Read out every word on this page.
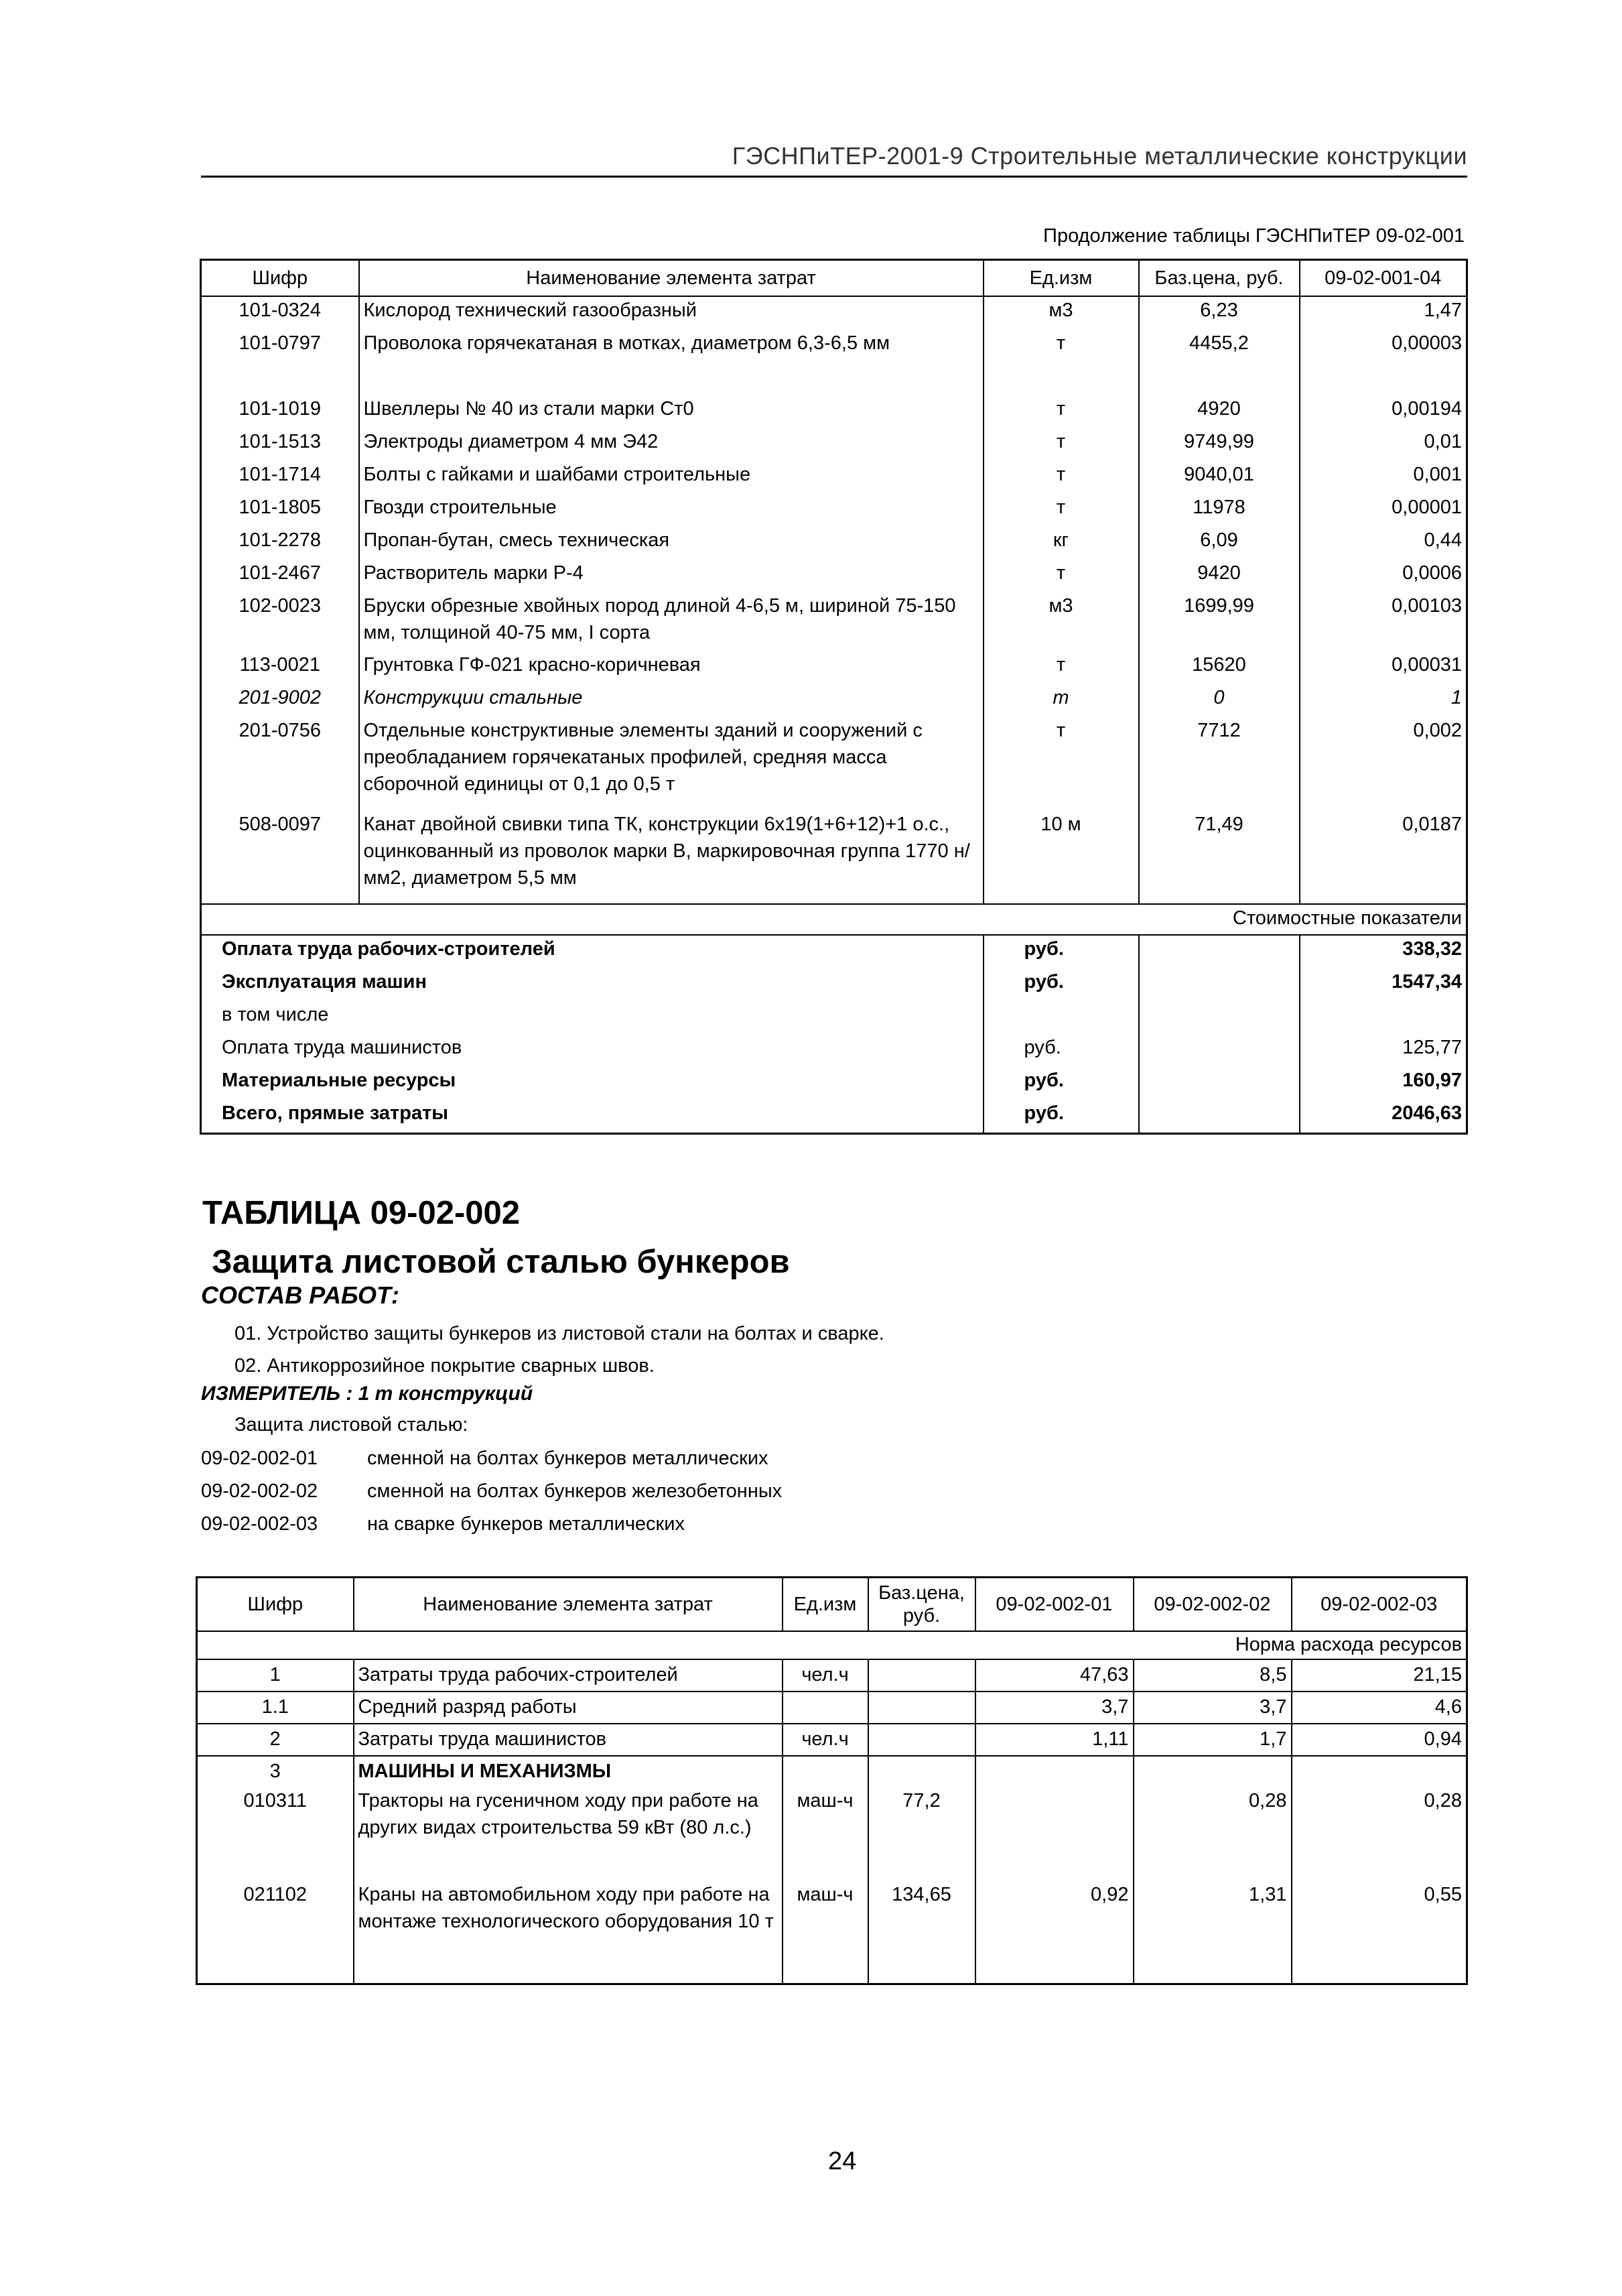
ГЭСНПиТЕР-2001-9 Строительные металлические конструкции
Продолжение таблицы ГЭСНПиТЕР 09-02-001
Шифр	Наименование элемента затрат	Ед.изм	Баз.цена, руб.	09-02-001-04
101-0324	Кислород технический газообразный	м3	6,23	1,47
101-0797	Проволока горячекатаная в мотках, диаметром 6,3-6,5 мм	т	4455,2	0,00003
101-1019	Швеллеры № 40 из стали марки Ст0	т	4920	0,00194
101-1513	Электроды диаметром 4 мм Э42	т	9749,99	0,01
101-1714	Болты с гайками и шайбами строительные	т	9040,01	0,001
101-1805	Гвозди строительные	т	11978	0,00001
101-2278	Пропан-бутан, смесь техническая	кг	6,09	0,44
101-2467	Растворитель марки Р-4	т	9420	0,0006
102-0023	Бруски обрезные хвойных пород длиной 4-6,5 м, шириной 75-150 мм, толщиной 40-75 мм, I сорта	м3	1699,99	0,00103
113-0021	Грунтовка ГФ-021 красно-коричневая	т	15620	0,00031
201-9002	Конструкции стальные	т	0	1
201-0756	Отдельные конструктивные элементы зданий и сооружений с преобладанием горячекатаных профилей, средняя масса сборочной единицы от 0,1 до 0,5 т	т	7712	0,002
508-0097	Канат двойной свивки типа ТК, конструкции 6х19(1+6+12)+1 о.с., оцинкованный из проволок марки В, маркировочная группа 1770 н/мм2, диаметром 5,5 мм	10 м	71,49	0,0187
Стоимостные показатели				
Оплата труда рабочих-строителей		руб.		338,32
Эксплуатация машин		руб.		1547,34
в том числе				
Оплата труда машинистов		руб.		125,77
Материальные ресурсы		руб.		160,97
Всего, прямые затраты		руб.		2046,63
ТАБЛИЦА 09-02-002
Защита листовой сталью бункеров
СОСТАВ РАБОТ:
01. Устройство защиты бункеров из листовой стали на болтах и сварке.
02. Антикоррозийное покрытие сварных швов.
ИЗМЕРИТЕЛЬ : 1 т конструкций
Защита листовой сталью:
09-02-002-01	сменной на болтах бункеров металлических
09-02-002-02	сменной на болтах бункеров железобетонных
09-02-002-03	на сварке бункеров металлических
Шифр	Наименование элемента затрат	Ед.изм	Баз.цена, руб.	09-02-002-01	09-02-002-02	09-02-002-03
Норма расхода ресурсов						
1	Затраты труда рабочих-строителей	чел.ч		47,63	8,5	21,15
1.1	Средний разряд работы			3,7	3,7	4,6
2	Затраты труда машинистов	чел.ч		1,11	1,7	0,94
3	МАШИНЫ И МЕХАНИЗМЫ					
010311	Тракторы на гусеничном ходу при работе на других видах строительства 59 кВт (80 л.с.)	маш-ч	77,2		0,28	0,28
021102	Краны на автомобильном ходу при работе на монтаже технологического оборудования 10 т	маш-ч	134,65	0,92	1,31	0,55
24
